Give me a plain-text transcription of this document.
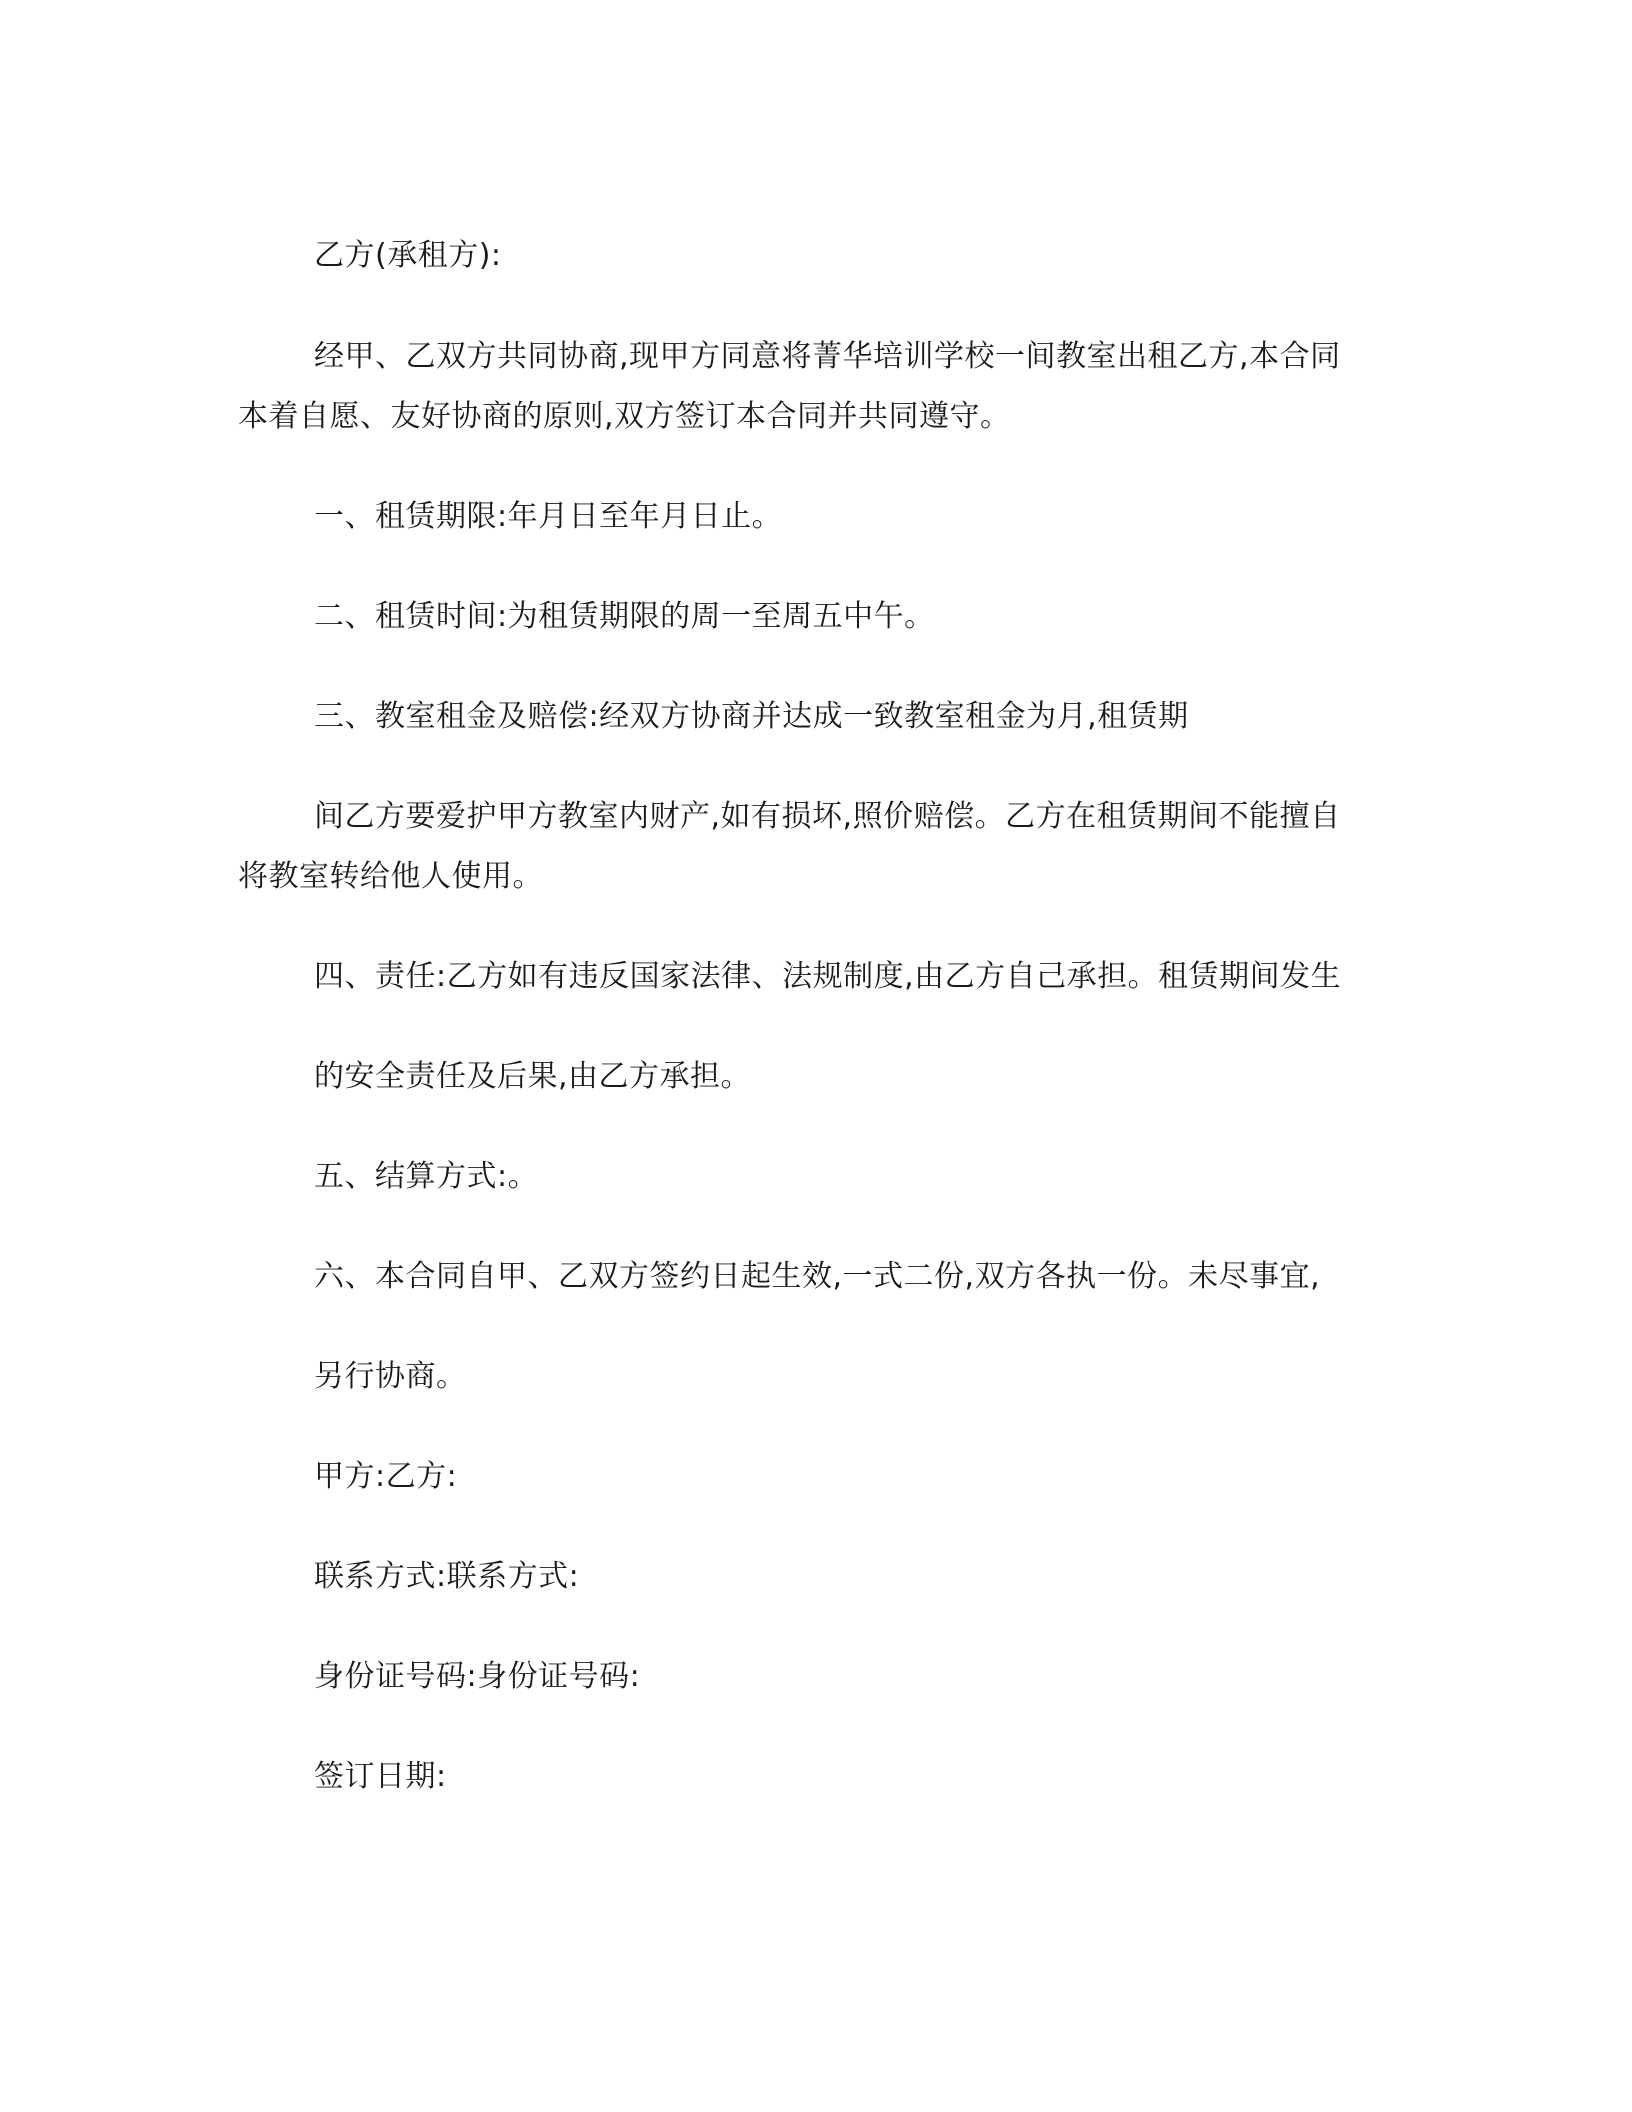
乙方(承租方):

经甲、乙双方共同协商,现甲方同意将菁华培训学校一间教室出租乙方,本合同

本着自愿、友好协商的原则,双方签订本合同并共同遵守。

一、租赁期限:年月日至年月日止。

二、租赁时间:为租赁期限的周一至周五中午。

三、教室租金及赔偿:经双方协商并达成一致教室租金为月,租赁期

间乙方要爱护甲方教室内财产,如有损坏,照价赔偿。乙方在租赁期间不能擅自

将教室转给他人使用。

四、责任:乙方如有违反国家法律、法规制度,由乙方自己承担。租赁期间发生

的安全责任及后果,由乙方承担。

五、结算方式:。

六、本合同自甲、乙双方签约日起生效,一式二份,双方各执一份。未尽事宜,

另行协商。

甲方:乙方:

联系方式:联系方式:

身份证号码:身份证号码:

签订日期:
